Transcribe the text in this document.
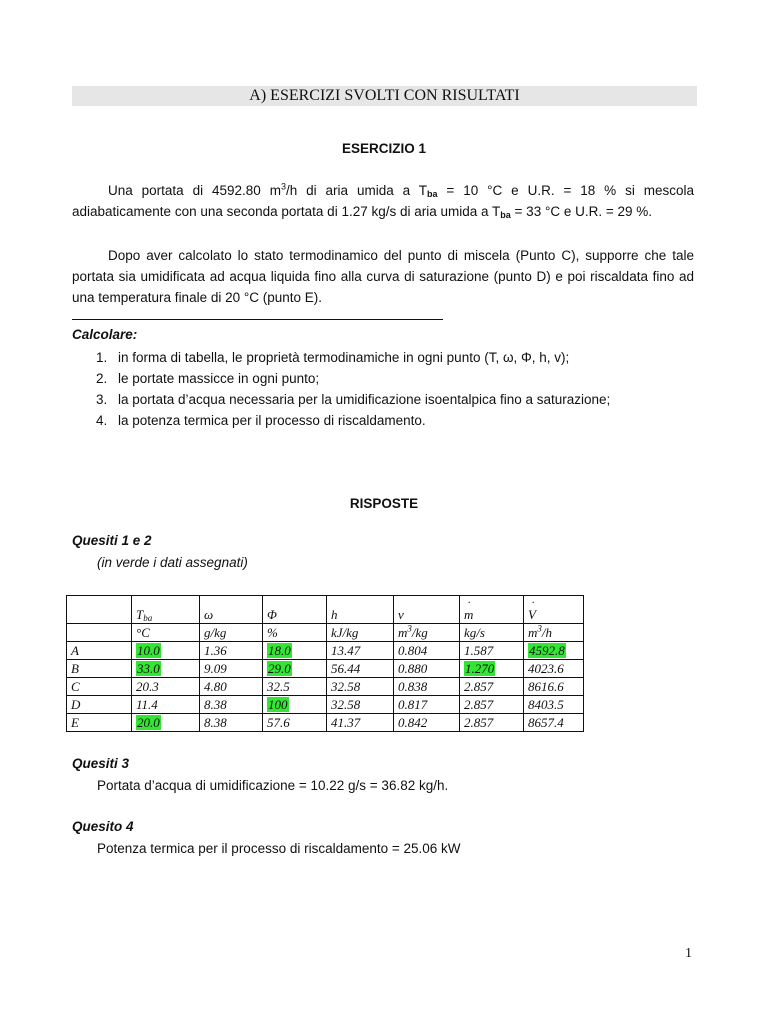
A) ESERCIZI SVOLTI CON RISULTATI
ESERCIZIO 1
Una portata di 4592.80 $m^3/h$ di aria umida a $T_{ba} = 10$ °C e U.R. = 18 % si mescola adiabaticamente con una seconda portata di 1.27 kg/s di aria umida a $T_{ba} = 33$ °C e U.R. = 29 %.
Dopo aver calcolato lo stato termodinamico del punto di miscela (Punto C), supporre che tale portata sia umidificata ad acqua liquida fino alla curva di saturazione (punto D) e poi riscaldata fino ad una temperatura finale di 20 °C (punto E).
Calcolare:
1. in forma di tabella, le proprietà termodinamiche in ogni punto (T, ω, Φ, h, v);
2. le portate massicce in ogni punto;
3. la portata d’acqua necessaria per la umidificazione isoentalpica fino a saturazione;
4. la potenza termica per il processo di riscaldamento.
RISPOSTE
Quesiti 1 e 2
(in verde i dati assegnati)
	$T_{ba}$	ω	Φ	h	v	˙ m	˙ V
	°C	g/kg	%	kJ/kg	$m^3/kg$	kg/s	$m^3/h$
A	10.0	1.36	18.0	13.47	0.804	1.587	4592.8
B	33.0	9.09	29.0	56.44	0.880	1.270	4023.6
C	20.3	4.80	32.5	32.58	0.838	2.857	8616.6
D	11.4	8.38	100	32.58	0.817	2.857	8403.5
E	20.0	8.38	57.6	41.37	0.842	2.857	8657.4
Quesiti 3
Portata d’acqua di umidificazione = 10.22 g/s = 36.82 kg/h.
Quesito 4
Potenza termica per il processo di riscaldamento = 25.06 kW
1
